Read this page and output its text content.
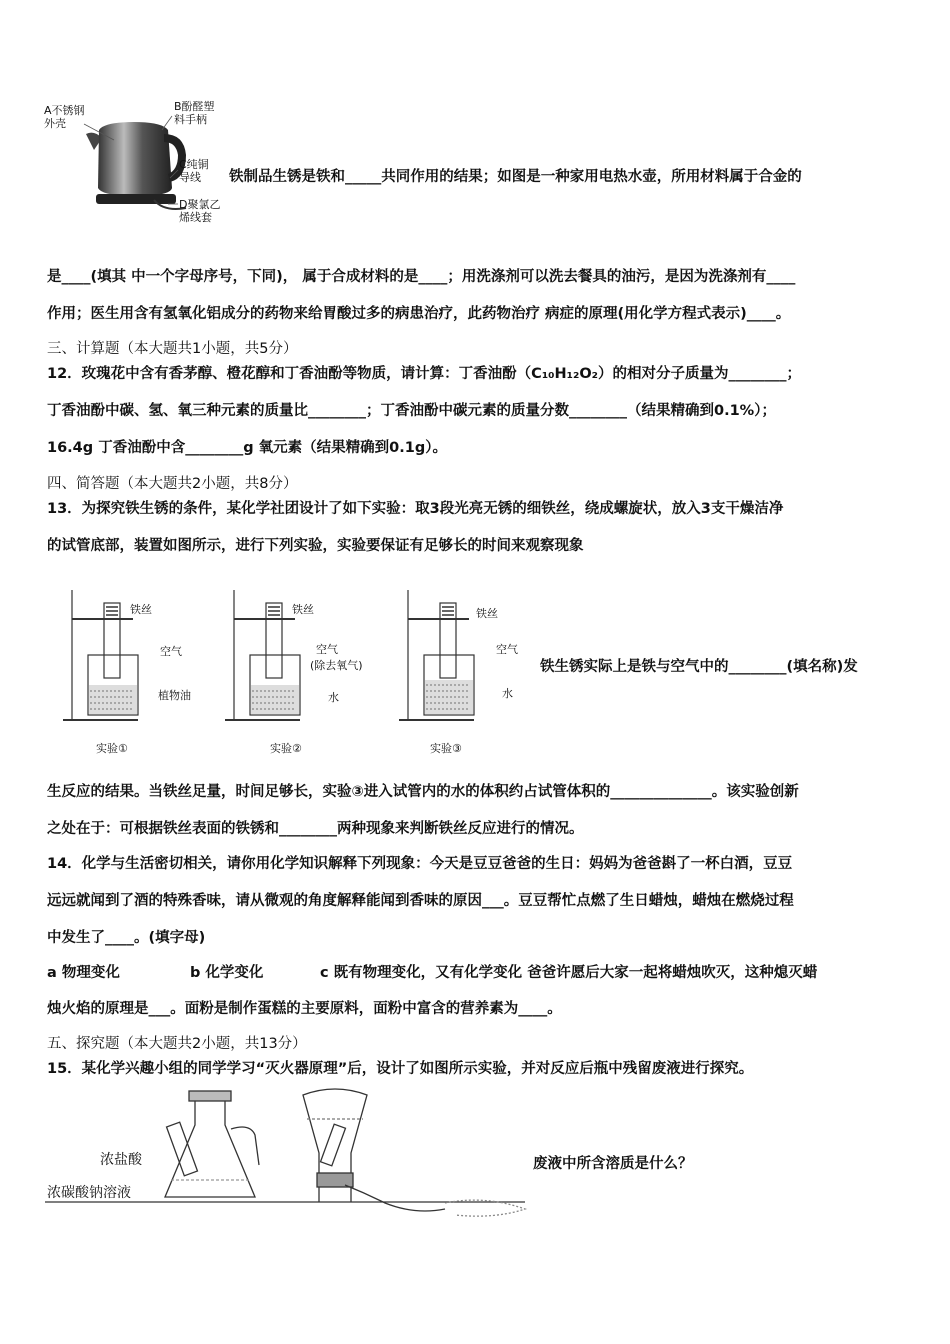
A不锈钢外壳
B酚醛塑料手柄
C纯铜导线
D聚氯乙烯线套
铁制品生锈是铁和_____共同作用的结果；如图是一种家用电热水壶，所用材料属于合金的
是____(填其 中一个字母序号，下同)， 属于合成材料的是____；用洗涤剂可以洗去餐具的油污，是因为洗涤剂有____
作用；医生用含有氢氧化铝成分的药物来给胃酸过多的病患治疗，此药物治疗 病症的原理(用化学方程式表示)____。
三、计算题（本大题共1小题，共5分）
12．玫瑰花中含有香茅醇、橙花醇和丁香油酚等物质，请计算：丁香油酚（C₁₀H₁₂O₂）的相对分子质量为________；
丁香油酚中碳、氢、氧三种元素的质量比________；丁香油酚中碳元素的质量分数________（结果精确到0.1%）；
16.4g 丁香油酚中含________g 氧元素（结果精确到0.1g）。
四、简答题（本大题共2小题，共8分）
13．为探究铁生锈的条件，某化学社团设计了如下实验：取3段光亮无锈的细铁丝，绕成螺旋状，放入3支干燥洁净
的试管底部，装置如图所示，进行下列实验，实验要保证有足够长的时间来观察现象
铁丝
空气
植物油
实验①
铁丝
空气
(除去氧气)
水
实验②
铁丝
空气
水
实验③
铁生锈实际上是铁与空气中的________(填名称)发
生反应的结果。当铁丝足量，时间足够长，实验③进入试管内的水的体积约占试管体积的______________。该实验创新
之处在于：可根据铁丝表面的铁锈和________两种现象来判断铁丝反应进行的情况。
14．化学与生活密切相关，请你用化学知识解释下列现象：今天是豆豆爸爸的生日：妈妈为爸爸斟了一杯白酒，豆豆
远远就闻到了酒的特殊香味，请从微观的角度解释能闻到香味的原因___。豆豆帮忙点燃了生日蜡烛，蜡烛在燃烧过程
中发生了____。(填字母)
a 物理变化	b 化学变化	c 既有物理变化，又有化学变化 爸爸许愿后大家一起将蜡烛吹灭，这种熄灭蜡
烛火焰的原理是___。面粉是制作蛋糕的主要原料，面粉中富含的营养素为____。
五、探究题（本大题共2小题，共13分）
15．某化学兴趣小组的同学学习“灭火器原理”后，设计了如图所示实验，并对反应后瓶中残留废液进行探究。
浓盐酸
浓碳酸钠溶液
废液中所含溶质是什么？
